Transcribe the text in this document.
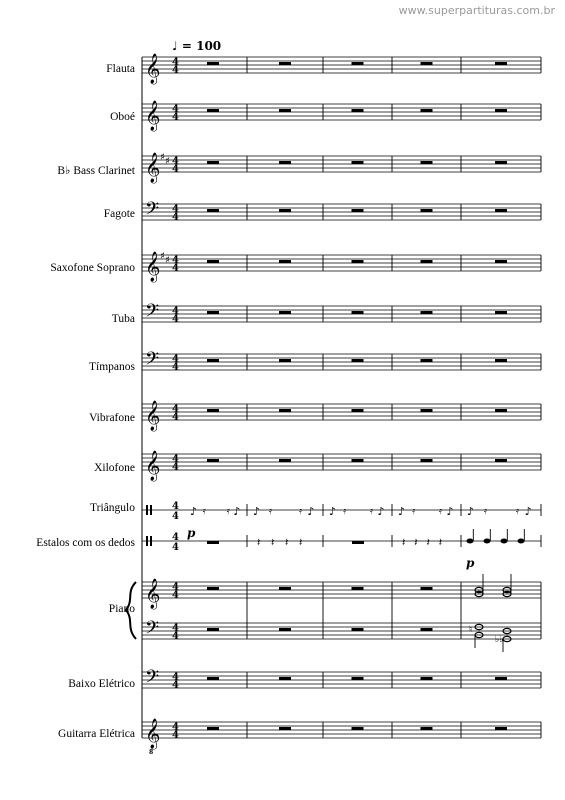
www.superpartituras.com.br
♩ = 100
Flauta
Oboé
B♭ Bass Clarinet
Fagote
Saxofone Soprano
Tuba
Tímpanos
Vibrafone
Xilofone
Triângulo
Estalos com os dedos
Piano
Baixo Elétrico
Guitarra Elétrica
p
p
𝄞
𝄞
𝄞
𝄢
𝄞
𝄢
𝄢
𝄞
𝄞
𝄞
𝄢
𝄢
𝄞
8
♯ ♯
♯ ♯
4
4
4
4
4
4
4
4
4
4
4
4
4
4
4
4
4
4
4
4
4
4
4
4
4
4
4
4
4
4
♭♭
♮
♪ 𝄿 𝄿 ♪ ♪ 𝄿	𝄿 ♪ ♪ 𝄿 𝄿 ♪ ♪ 𝄿 𝄿 ♪ ♪ 𝄿	𝄿 ♪
𝄽 𝄽 𝄽 𝄽	𝄽 𝄽 𝄽 𝄽
